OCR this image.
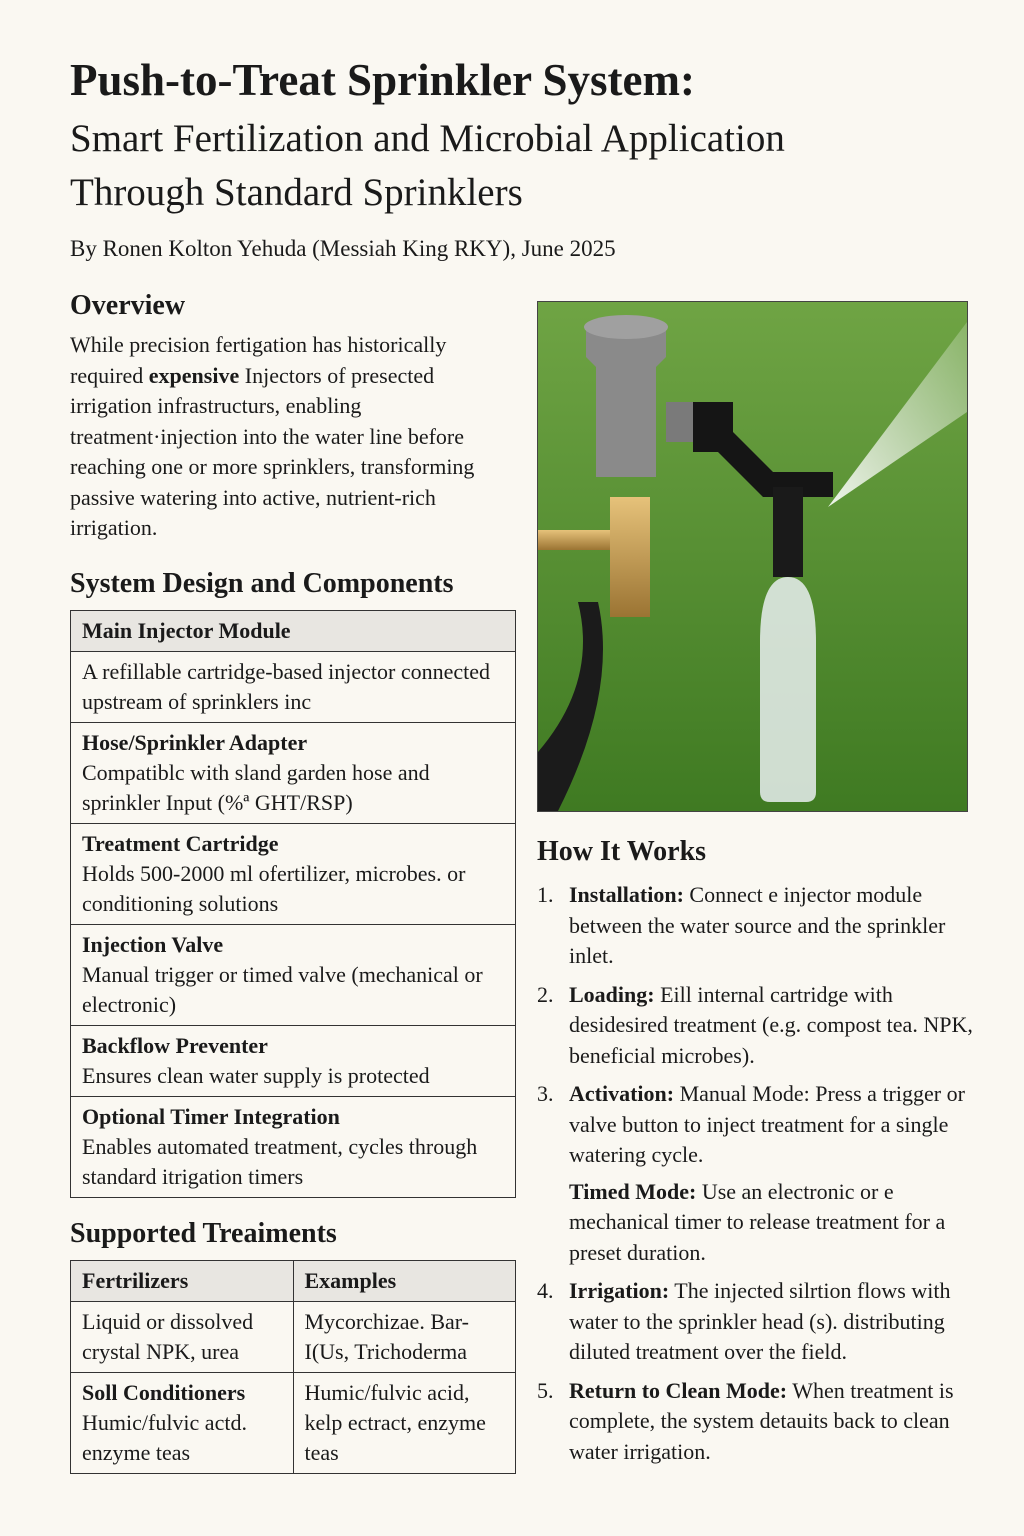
Push-to-Treat Sprinkler System:
Smart Fertilization and Microbial Application
Through Standard Sprinklers
By Ronen Kolton Yehuda (Messiah King RKY), June 2025
Overview

While precision fertigation has historically required expensive Injectors of presected irrigation infrastructurs, enabling treatment·injection into the water line before reaching one or more sprinklers, transforming passive watering into active, nutrient-rich irrigation.

System Design and Components
Main Injector Module
A refillable cartridge-based injector connected upstream of sprinklers inc

Hose/Sprinkler Adapter
Compatiblc with sland garden hose and sprinkler Input (%ª GHT/RSP)

Treatment Cartridge
Holds 500-2000 ml ofertilizer, microbes. or conditioning solutions

Injection Valve
Manual trigger or timed valve (mechanical or electronic)

Backflow Preventer
Ensures clean water supply is protected

Optional Timer Integration
Enables automated treatment, cycles through standard itrigation timers
Supported Treaiments
Fertrilizers	Examples
Liquid or dissolved crystal NPK, urea	Mycorchizae. Bar-I(Us, Trichoderma

Soll Conditioners
Humic/fulvic actd. enzyme teas	Humic/fulvic acid, kelp ectract, enzyme teas
How It Works
1. Installation: Connect e injector module between the water source and the sprinkler inlet.
2. Loading: Eill internal cartridge with desidesired treatment (e.g. compost tea. NPK, beneficial microbes).
3. Activation: Manual Mode: Press a trigger or valve button to inject treatment for a single watering cycle.
Timed Mode: Use an electronic or e mechanical timer to release treatment for a preset duration.
4. Irrigation: The injected silrtion flows with water to the sprinkler head (s). distributing diluted treatment over the field.
5. Return to Clean Mode: When treatment is complete, the system detauits back to clean water irrigation.
